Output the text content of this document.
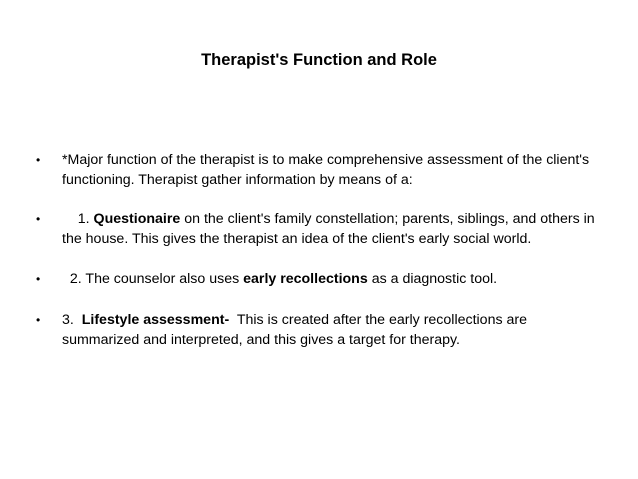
Therapist's Function and Role
• *Major function of the therapist is to make comprehensive assessment of the client's functioning. Therapist gather information by means of a:
• 1. Questionaire on the client's family constellation; parents, siblings, and others in the house. This gives the therapist an idea of the client's early social world.
• 2. The counselor also uses early recollections as a diagnostic tool.
• 3.  Lifestyle assessment-  This is created after the early recollections are summarized and interpreted, and this gives a target for therapy.
